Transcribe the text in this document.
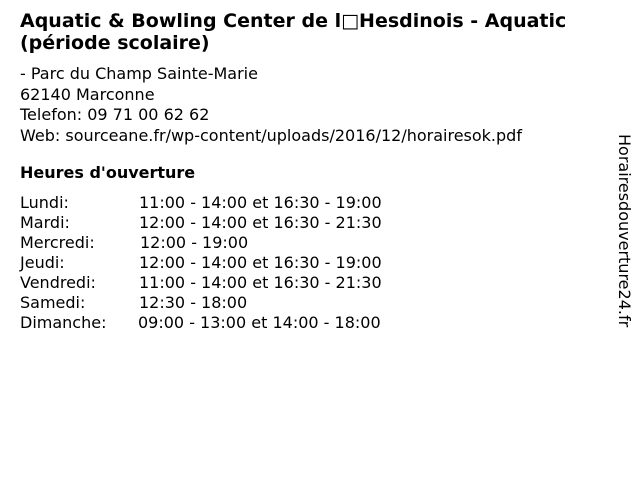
Aquatic & Bowling Center de l□Hesdinois - Aquatic (période scolaire)
- Parc du Champ Sainte-Marie
62140 Marconne
Telefon: 09 71 00 62 62
Web: sourceane.fr/wp-content/uploads/2016/12/horairesok.pdf
Heures d'ouverture
Lundi:	11:00 - 14:00 et 16:30 - 19:00
Mardi:	12:00 - 14:00 et 16:30 - 21:30
Mercredi:	12:00 - 19:00
Jeudi:	12:00 - 14:00 et 16:30 - 19:00
Vendredi:	11:00 - 14:00 et 16:30 - 21:30
Samedi:	12:30 - 18:00
Dimanche: 09:00 - 13:00 et 14:00 - 18:00	Horairesdouverture24.fr
